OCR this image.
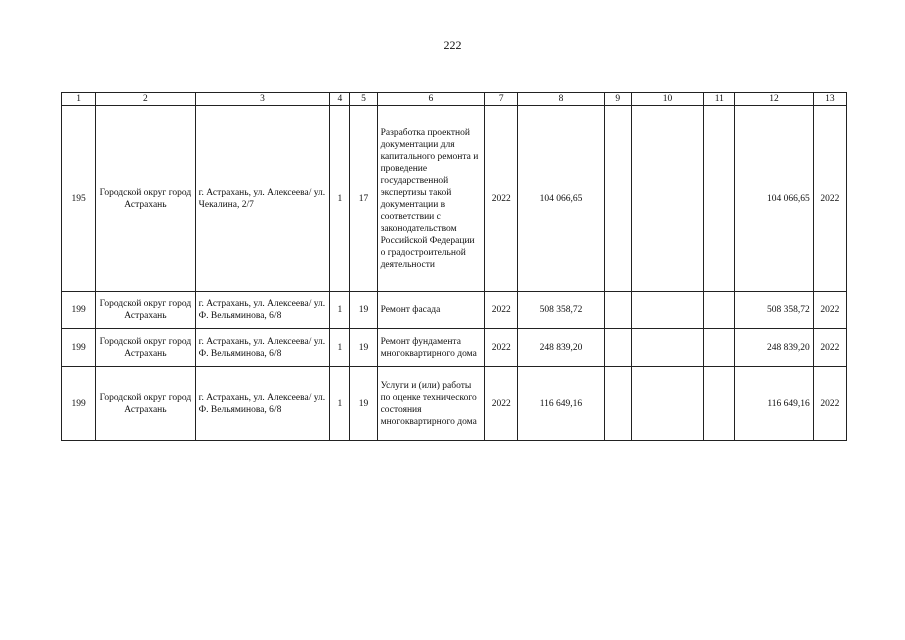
222
1	2	3	4	5	6	7	8	9	10	11	12	13
195	Городской округ город Астрахань	г. Астрахань, ул. Алексеева/ ул. Чекалина, 2/7	1	17	Разработка проектной документации для капитального ремонта и проведение государственной экспертизы такой документации в соответствии с законодательством Российской Федерации о градостроительной деятельности	2022	104 066,65				104 066,65	2022
199	Городской округ город Астрахань	г. Астрахань, ул. Алексеева/ ул. Ф. Вельяминова, 6/8	1	19	Ремонт фасада	2022	508 358,72				508 358,72	2022
199	Городской округ город Астрахань	г. Астрахань, ул. Алексеева/ ул. Ф. Вельяминова, 6/8	1	19	Ремонт фундамента многоквартирного дома	2022	248 839,20				248 839,20	2022
199	Городской округ город Астрахань	г. Астрахань, ул. Алексеева/ ул. Ф. Вельяминова, 6/8	1	19	Услуги и (или) работы по оценке технического состояния многоквартирного дома	2022	116 649,16				116 649,16	2022
